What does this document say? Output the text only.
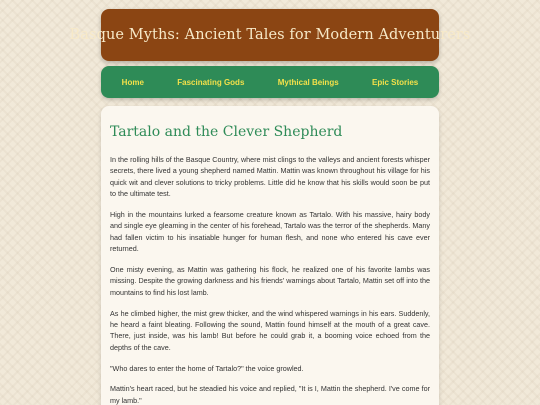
Basque Myths: Ancient Tales for Modern Adventurers
Home	Fascinating Gods	Mythical Beings	Epic Stories
Tartalo and the Clever Shepherd

In the rolling hills of the Basque Country, where mist clings to the valleys and ancient forests whisper secrets, there lived a young shepherd named Mattin. Mattin was known throughout his village for his quick wit and clever solutions to tricky problems. Little did he know that his skills would soon be put to the ultimate test.

High in the mountains lurked a fearsome creature known as Tartalo. With his massive, hairy body and single eye gleaming in the center of his forehead, Tartalo was the terror of the shepherds. Many had fallen victim to his insatiable hunger for human flesh, and none who entered his cave ever returned.

One misty evening, as Mattin was gathering his flock, he realized one of his favorite lambs was missing. Despite the growing darkness and his friends' warnings about Tartalo, Mattin set off into the mountains to find his lost lamb.

As he climbed higher, the mist grew thicker, and the wind whispered warnings in his ears. Suddenly, he heard a faint bleating. Following the sound, Mattin found himself at the mouth of a great cave. There, just inside, was his lamb! But before he could grab it, a booming voice echoed from the depths of the cave.

"Who dares to enter the home of Tartalo?" the voice growled.

Mattin's heart raced, but he steadied his voice and replied, "It is I, Mattin the shepherd. I've come for my lamb."
